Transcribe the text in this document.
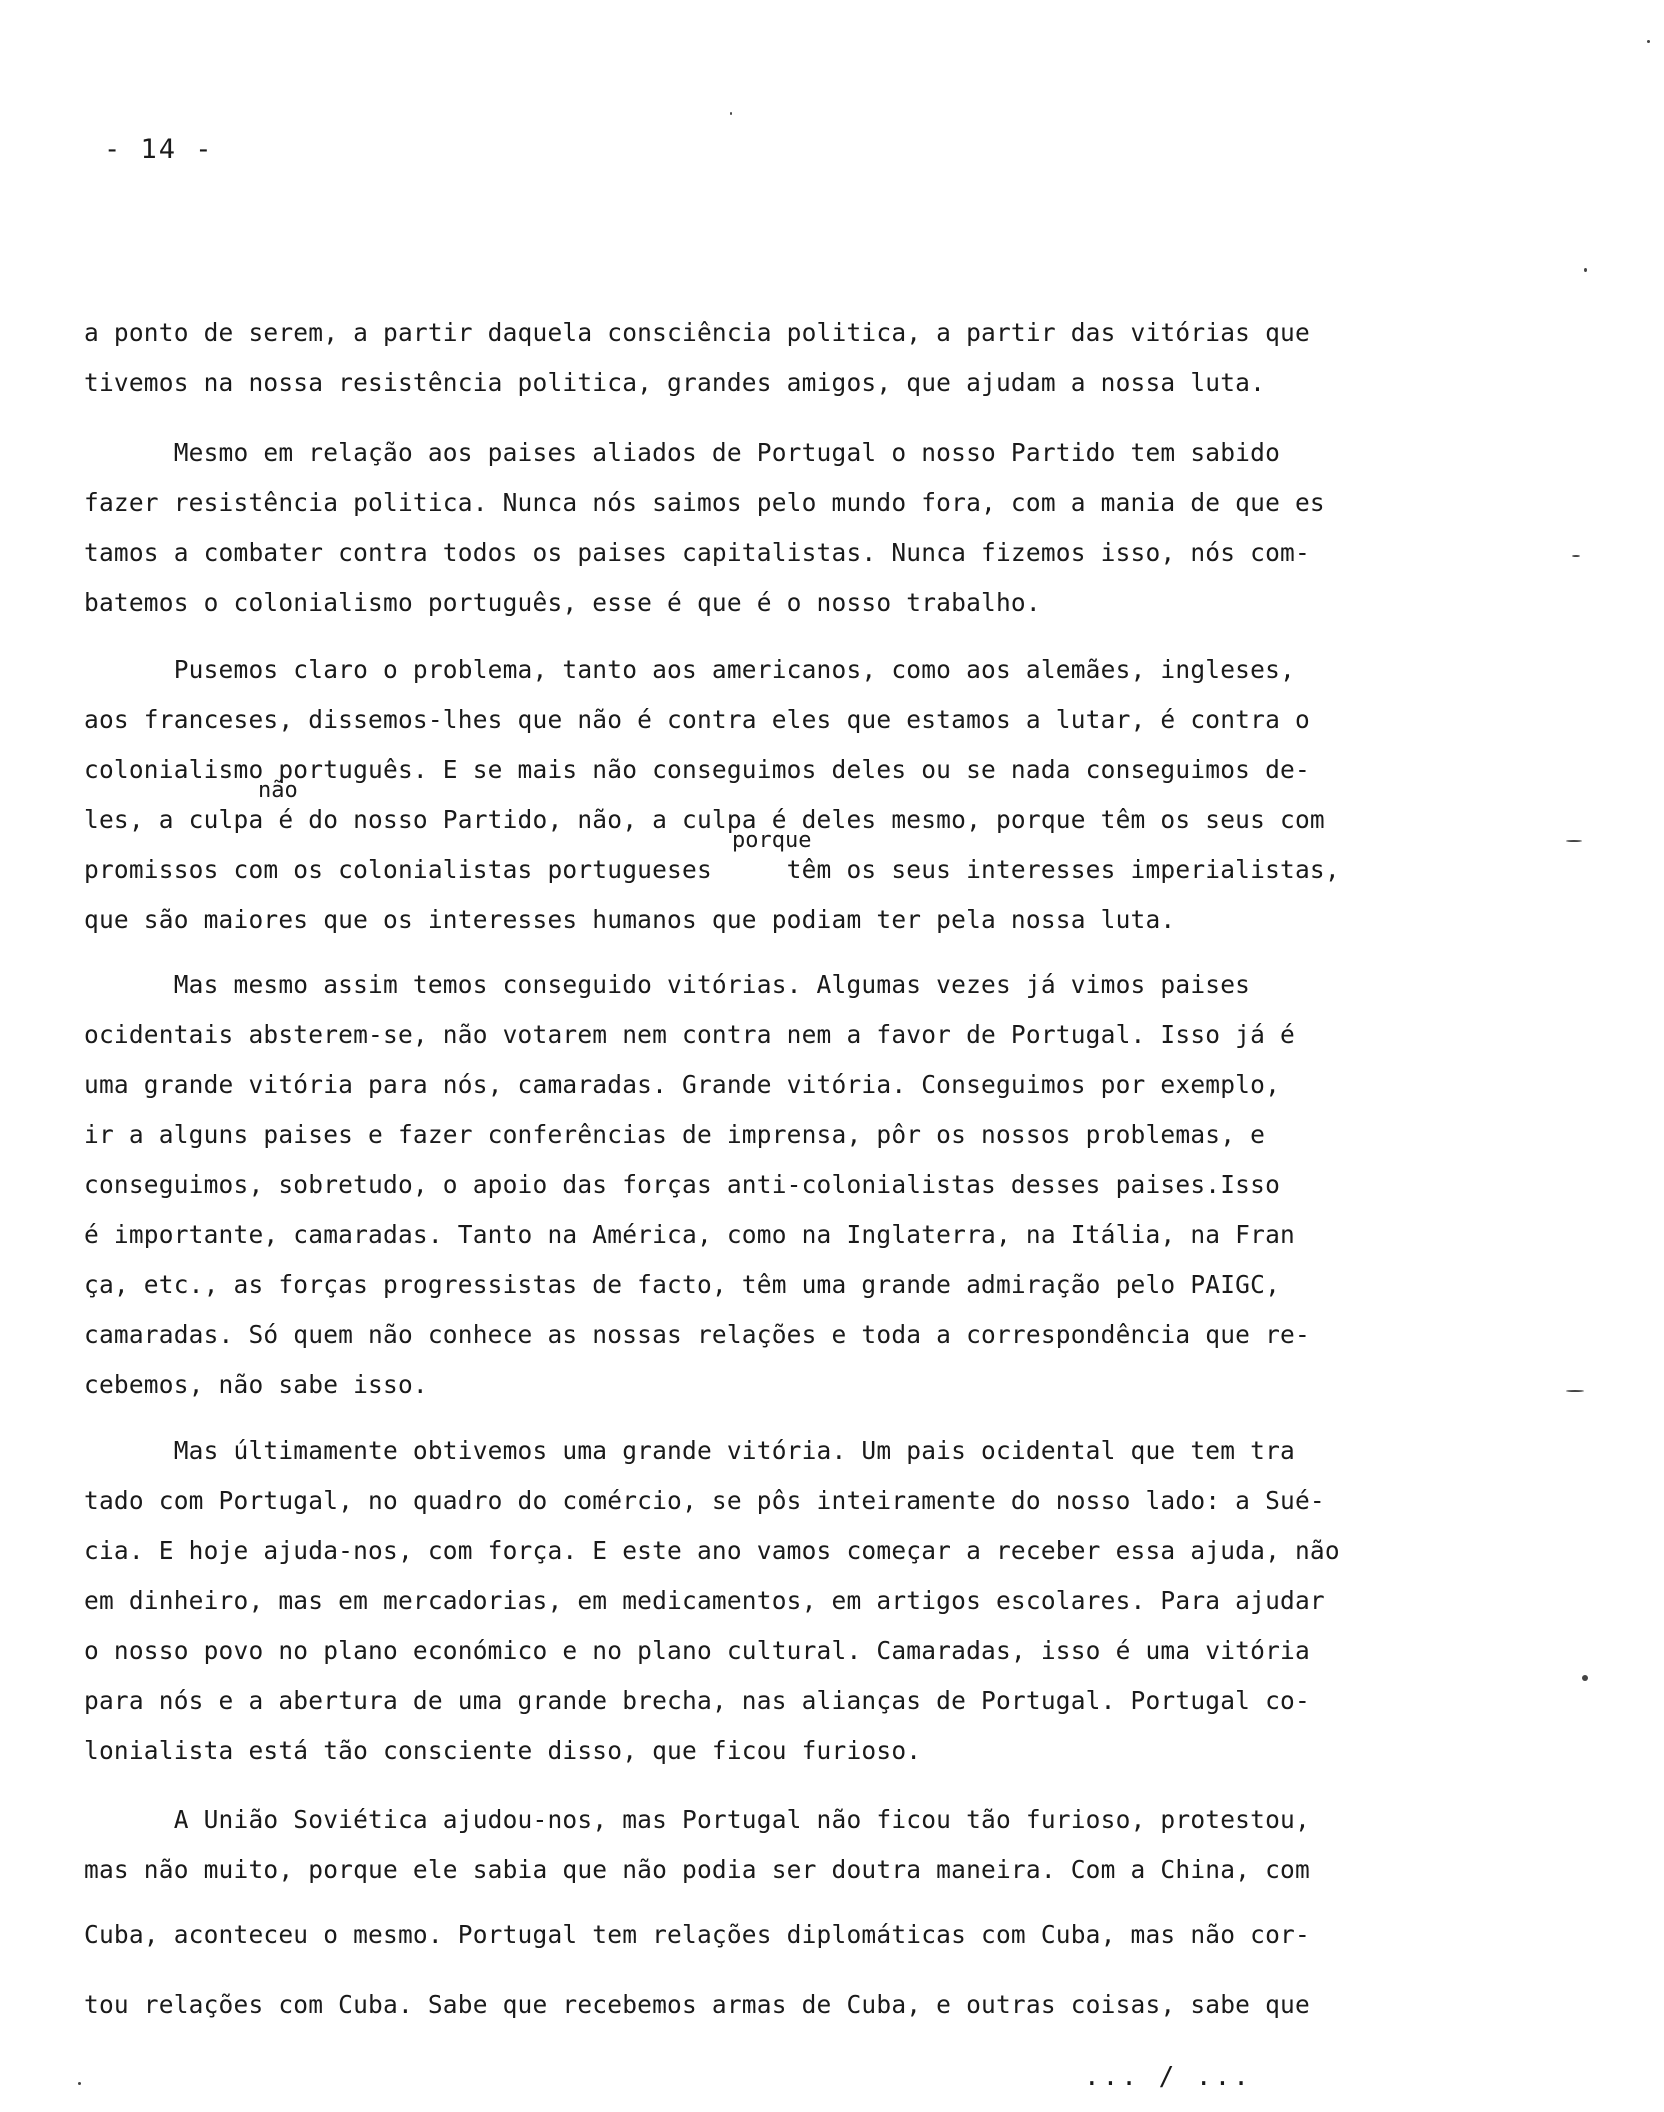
- 14 -
a ponto de serem, a partir daquela consciência politica, a partir das vitórias que
tivemos na nossa resistência politica, grandes amigos, que ajudam a nossa luta.
Mesmo em relação aos paises aliados de Portugal o nosso Partido tem sabido
fazer resistência politica. Nunca nós saimos pelo mundo fora, com a mania de que es
tamos a combater contra todos os paises capitalistas. Nunca fizemos isso, nós com-
batemos o colonialismo português, esse é que é o nosso trabalho.
Pusemos claro o problema, tanto aos americanos, como aos alemães, ingleses,
aos franceses, dissemos-lhes que não é contra eles que estamos a lutar, é contra o
colonialismo português. E se mais não conseguimos deles ou se nada conseguimos de-
não
les, a culpa é do nosso Partido, não, a culpa é deles mesmo, porque têm os seus com
porque
promissos com os colonialistas portugueses     têm os seus interesses imperialistas,
que são maiores que os interesses humanos que podiam ter pela nossa luta.
Mas mesmo assim temos conseguido vitórias. Algumas vezes já vimos paises
ocidentais absterem-se, não votarem nem contra nem a favor de Portugal. Isso já é
uma grande vitória para nós, camaradas. Grande vitória. Conseguimos por exemplo,
ir a alguns paises e fazer conferências de imprensa, pôr os nossos problemas, e
conseguimos, sobretudo, o apoio das forças anti-colonialistas desses paises.Isso
é importante, camaradas. Tanto na América, como na Inglaterra, na Itália, na Fran
ça, etc., as forças progressistas de facto, têm uma grande admiração pelo PAIGC,
camaradas. Só quem não conhece as nossas relações e toda a correspondência que re-
cebemos, não sabe isso.
Mas últimamente obtivemos uma grande vitória. Um pais ocidental que tem tra
tado com Portugal, no quadro do comércio, se pôs inteiramente do nosso lado: a Sué-
cia. E hoje ajuda-nos, com força. E este ano vamos começar a receber essa ajuda, não
em dinheiro, mas em mercadorias, em medicamentos, em artigos escolares. Para ajudar
o nosso povo no plano económico e no plano cultural. Camaradas, isso é uma vitória
para nós e a abertura de uma grande brecha, nas alianças de Portugal. Portugal co-
lonialista está tão consciente disso, que ficou furioso.
A União Soviética ajudou-nos, mas Portugal não ficou tão furioso, protestou,
mas não muito, porque ele sabia que não podia ser doutra maneira. Com a China, com
Cuba, aconteceu o mesmo. Portugal tem relações diplomáticas com Cuba, mas não cor-
tou relações com Cuba. Sabe que recebemos armas de Cuba, e outras coisas, sabe que
... / ...
